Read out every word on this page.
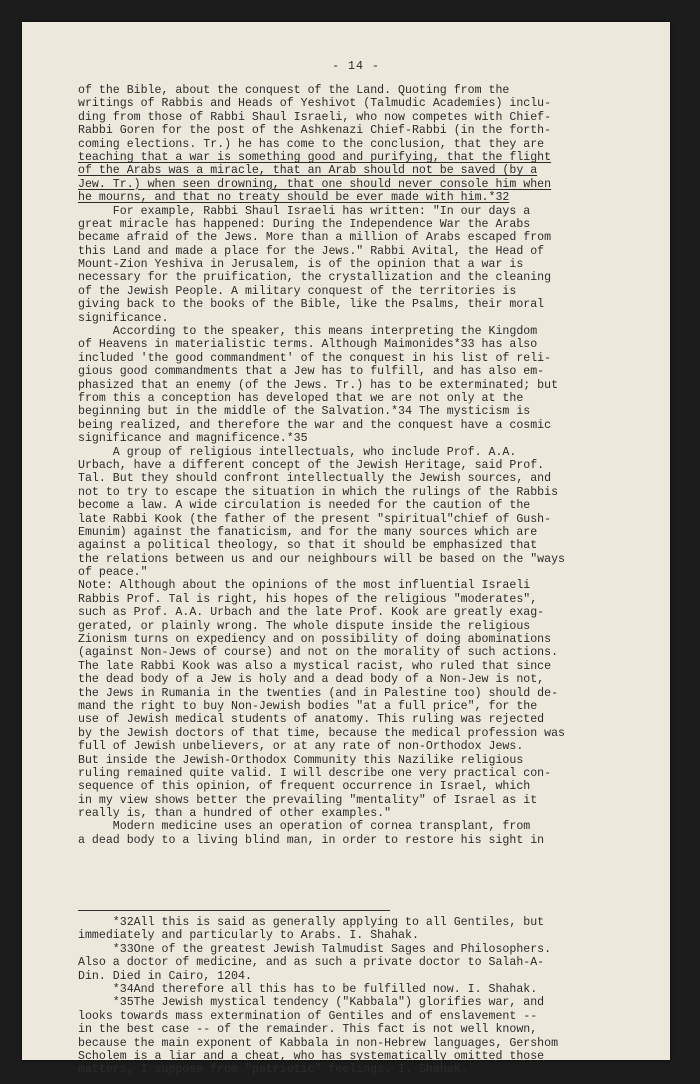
- 14 -
of the Bible, about the conquest of the Land. Quoting from the
writings of Rabbis and Heads of Yeshivot (Talmudic Academies) inclu-
ding from those of Rabbi Shaul Israeli, who now competes with Chief-
Rabbi Goren for the post of the Ashkenazi Chief-Rabbi (in the forth-
coming elections. Tr.) he has come to the conclusion, that they are
teaching that a war is something good and purifying, that the flight
of the Arabs was a miracle, that an Arab should not be saved (by a
Jew. Tr.) when seen drowning, that one should never console him when
he mourns, and that no treaty should be ever made with him.*32
For example, Rabbi Shaul Israeli has written: "In our days a
great miracle has happened: During the Independence War the Arabs
became afraid of the Jews. More than a million of Arabs escaped from
this Land and made a place for the Jews." Rabbi Avital, the Head of
Mount-Zion Yeshiva in Jerusalem, is of the opinion that a war is
necessary for the pruification, the crystallization and the cleaning
of the Jewish People. A military conquest of the territories is
giving back to the books of the Bible, like the Psalms, their moral
significance.
According to the speaker, this means interpreting the Kingdom
of Heavens in materialistic terms. Although Maimonides*33 has also
included 'the good commandment' of the conquest in his list of reli-
gious good commandments that a Jew has to fulfill, and has also em-
phasized that an enemy (of the Jews. Tr.) has to be exterminated; but
from this a conception has developed that we are not only at the
beginning but in the middle of the Salvation.*34 The mysticism is
being realized, and therefore the war and the conquest have a cosmic
significance and magnificence.*35
A group of religious intellectuals, who include Prof. A.A.
Urbach, have a different concept of the Jewish Heritage, said Prof.
Tal. But they should confront intellectually the Jewish sources, and
not to try to escape the situation in which the rulings of the Rabbis
become a law. A wide circulation is needed for the caution of the
late Rabbi Kook (the father of the present "spiritual"chief of Gush-
Emunim) against the fanaticism, and for the many sources which are
against a political theology, so that it should be emphasized that
the relations between us and our neighbours will be based on the "ways
of peace."
Note: Although about the opinions of the most influential Israeli
Rabbis Prof. Tal is right, his hopes of the religious "moderates",
such as Prof. A.A. Urbach and the late Prof. Kook are greatly exag-
gerated, or plainly wrong. The whole dispute inside the religious
Zionism turns on expediency and on possibility of doing abominations
(against Non-Jews of course) and not on the morality of such actions.
The late Rabbi Kook was also a mystical racist, who ruled that since
the dead body of a Jew is holy and a dead body of a Non-Jew is not,
the Jews in Rumania in the twenties (and in Palestine too) should de-
mand the right to buy Non-Jewish bodies "at a full price", for the
use of Jewish medical students of anatomy. This ruling was rejected
by the Jewish doctors of that time, because the medical profession was
full of Jewish unbelievers, or at any rate of non-Orthodox Jews.
But inside the Jewish-Orthodox Community this Nazilike religious
ruling remained quite valid. I will describe one very practical con-
sequence of this opinion, of frequent occurrence in Israel, which
in my view shows better the prevailing "mentality" of Israel as it
really is, than a hundred of other examples."
Modern medicine uses an operation of cornea transplant, from
a dead body to a living blind man, in order to restore his sight in
*32All this is said as generally applying to all Gentiles, but
immediately and particularly to Arabs. I. Shahak.
*33One of the greatest Jewish Talmudist Sages and Philosophers.
Also a doctor of medicine, and as such a private doctor to Salah-A-
Din. Died in Cairo, 1204.
*34And therefore all this has to be fulfilled now. I. Shahak.
*35The Jewish mystical tendency ("Kabbala") glorifies war, and
looks towards mass extermination of Gentiles and of enslavement --
in the best case -- of the remainder. This fact is not well known,
because the main exponent of Kabbala in non-Hebrew languages, Gershom
Scholem is a liar and a cheat, who has systematically omitted those
matters, I suppose from "patriotic" feelings. I. Shahak.
